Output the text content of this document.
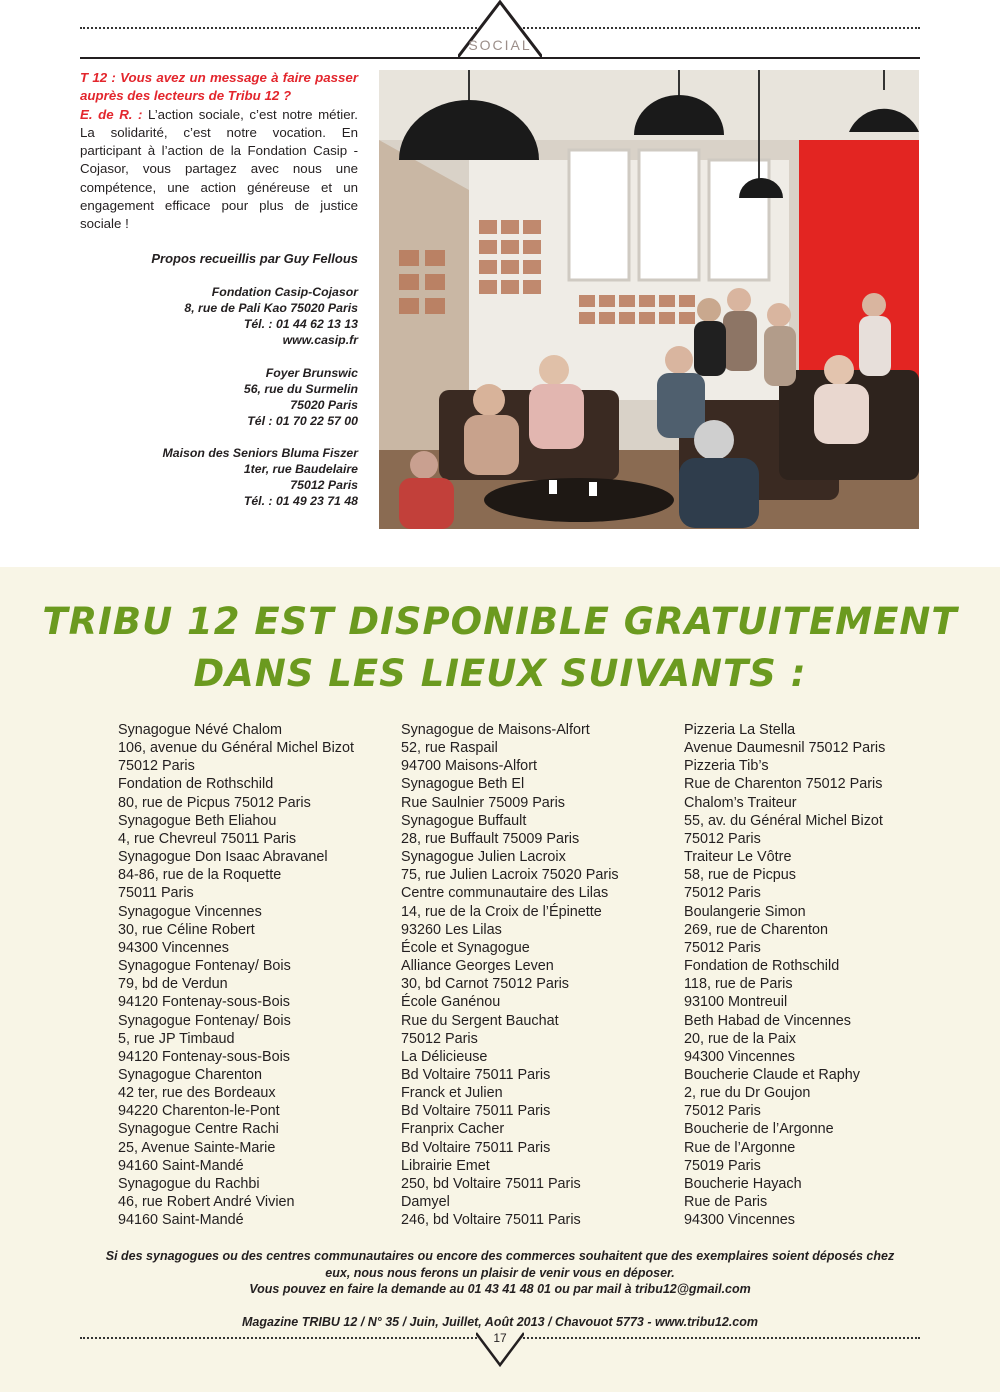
SOCIAL
T 12 : Vous avez un message à faire passer auprès des lecteurs de Tribu 12 ?
E. de R. : L’action sociale, c’est notre métier. La solidarité, c’est notre vocation. En participant à l’action de la Fondation Casip - Cojasor, vous partagez avec nous une compétence, une action généreuse et un engagement efficace pour plus de justice sociale !
Propos recueillis par Guy Fellous
Fondation Casip-Cojasor
8, rue de Pali Kao 75020 Paris
Tél. : 01 44 62 13 13
www.casip.fr
Foyer Brunswic
56, rue du Surmelin
75020 Paris
Tél : 01 70 22 57 00
Maison des Seniors Bluma Fiszer
1ter, rue Baudelaire
75012 Paris
Tél. : 01 49 23 71 48
TRIBU 12 EST DISPONIBLE GRATUITEMENT
DANS LES LIEUX SUIVANTS :
Synagogue Névé Chalom
106, avenue du Général Michel Bizot
75012 Paris
Fondation de Rothschild
80, rue de Picpus 75012 Paris
Synagogue Beth Eliahou
4, rue Chevreul 75011 Paris
Synagogue Don Isaac Abravanel
84-86, rue de la Roquette
75011 Paris
Synagogue Vincennes
30, rue Céline Robert
94300 Vincennes
Synagogue Fontenay/ Bois
79, bd de Verdun
94120 Fontenay-sous-Bois
Synagogue Fontenay/ Bois
5, rue JP Timbaud
94120 Fontenay-sous-Bois
Synagogue Charenton
42 ter, rue des Bordeaux
94220 Charenton-le-Pont
Synagogue Centre Rachi
25, Avenue Sainte-Marie
94160 Saint-Mandé
Synagogue du Rachbi
46, rue Robert André Vivien
94160 Saint-Mandé
Synagogue de Maisons-Alfort
52, rue Raspail
94700 Maisons-Alfort
Synagogue Beth El
Rue Saulnier 75009 Paris
Synagogue Buffault
28, rue Buffault 75009 Paris
Synagogue Julien Lacroix
75, rue Julien Lacroix 75020 Paris
Centre communautaire des Lilas
14, rue de la Croix de l’Épinette
93260 Les Lilas
École et Synagogue
Alliance Georges Leven
30, bd Carnot 75012 Paris
École Ganénou
Rue du Sergent Bauchat
75012 Paris
La Délicieuse
Bd Voltaire 75011 Paris
Franck et Julien
Bd Voltaire 75011 Paris
Franprix Cacher
Bd Voltaire 75011 Paris
Librairie Emet
250, bd Voltaire 75011 Paris
Damyel
246, bd Voltaire 75011 Paris
Pizzeria La Stella
Avenue Daumesnil 75012 Paris
Pizzeria Tib’s
Rue de Charenton 75012 Paris
Chalom’s Traiteur
55, av. du Général Michel Bizot
75012 Paris
Traiteur Le Vôtre
58, rue de Picpus
75012 Paris
Boulangerie Simon
269, rue de Charenton
75012 Paris
Fondation de Rothschild
118, rue de Paris
93100 Montreuil
Beth Habad de Vincennes
20, rue de la Paix
94300 Vincennes
Boucherie Claude et Raphy
2, rue du Dr Goujon
75012 Paris
Boucherie de l’Argonne
Rue de l’Argonne
75019 Paris
Boucherie Hayach
Rue de Paris
94300 Vincennes
Si des synagogues ou des centres communautaires ou encore des commerces souhaitent que des exemplaires soient déposés chez
eux, nous nous ferons un plaisir de venir vous en déposer.
Vous pouvez en faire la demande au 01 43 41 48 01 ou par mail à tribu12@gmail.com
Magazine TRIBU 12 / N° 35 / Juin, Juillet, Août 2013 / Chavouot 5773 - www.tribu12.com
17
